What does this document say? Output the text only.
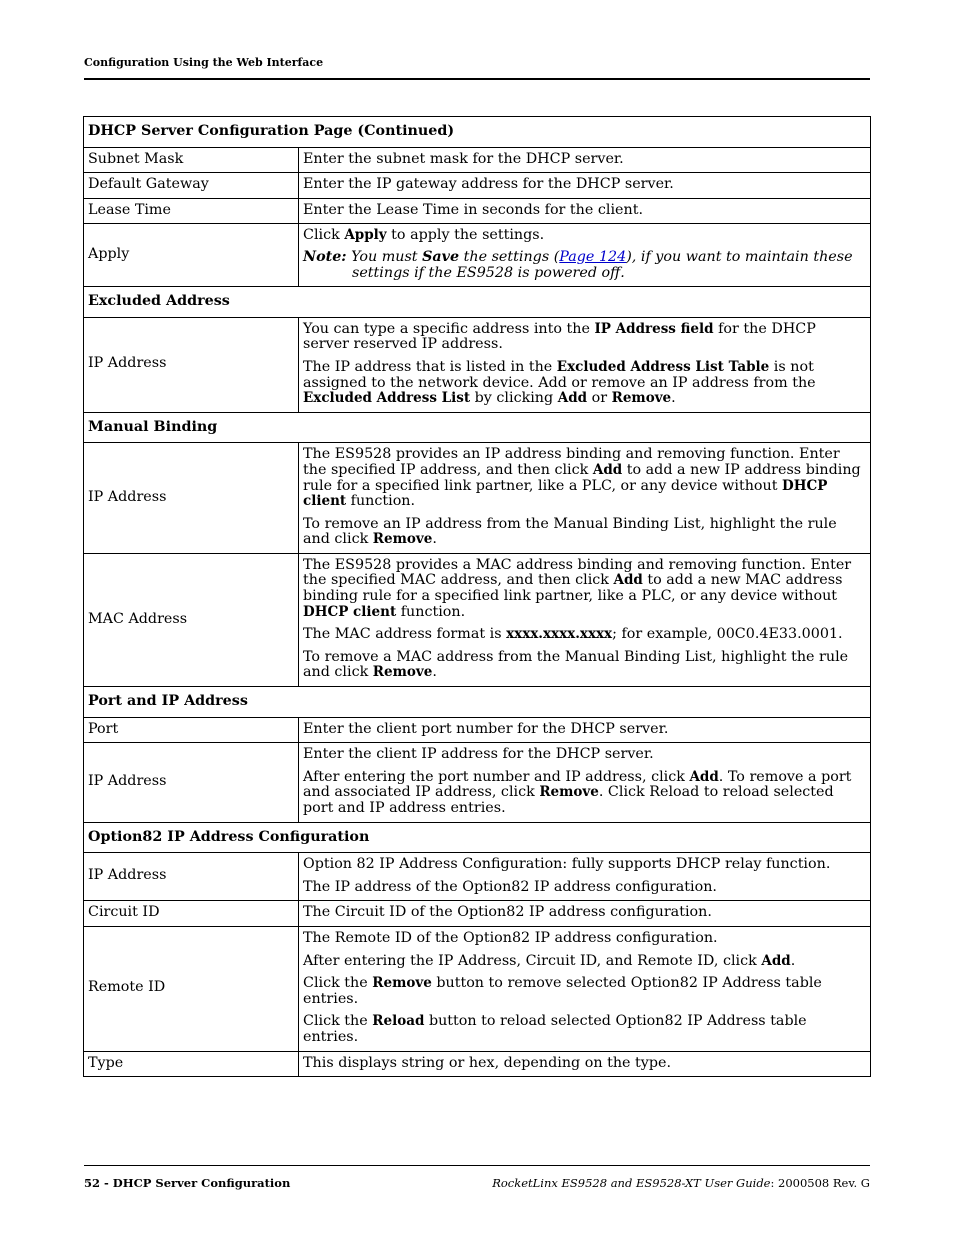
Configuration Using the Web Interface
DHCP Server Configuration Page (Continued)	
Subnet Mask	Enter the subnet mask for the DHCP server.
Default Gateway	Enter the IP gateway address for the DHCP server.
Lease Time	Enter the Lease Time in seconds for the client.
Apply	Click Apply to apply the settings.

Note: You must Save the settings (Page 124), if you want to maintain these settings if the ES9528 is powered off.

Excluded Address	
IP Address	You can type a specific address into the IP Address field for the DHCP server reserved IP address.

The IP address that is listed in the Excluded Address List Table is not assigned to the network device. Add or remove an IP address from the Excluded Address List by clicking Add or Remove.

Manual Binding	
IP Address	The ES9528 provides an IP address binding and removing function. Enter the specified IP address, and then click Add to add a new IP address binding rule for a specified link partner, like a PLC, or any device without DHCP client function.

To remove an IP address from the Manual Binding List, highlight the rule and click Remove.

MAC Address	The ES9528 provides a MAC address binding and removing function. Enter the specified MAC address, and then click Add to add a new MAC address binding rule for a specified link partner, like a PLC, or any device without DHCP client function.

The MAC address format is xxxx.xxxx.xxxx; for example, 00C0.4E33.0001.

To remove a MAC address from the Manual Binding List, highlight the rule and click Remove.

Port and IP Address	
Port	Enter the client port number for the DHCP server.
IP Address	Enter the client IP address for the DHCP server.

After entering the port number and IP address, click Add. To remove a port and associated IP address, click Remove. Click Reload to reload selected port and IP address entries.

Option82 IP Address Configuration	
IP Address	Option 82 IP Address Configuration: fully supports DHCP relay function.

The IP address of the Option82 IP address configuration.

Circuit ID	The Circuit ID of the Option82 IP address configuration.
Remote ID	The Remote ID of the Option82 IP address configuration.

After entering the IP Address, Circuit ID, and Remote ID, click Add.

Click the Remove button to remove selected Option82 IP Address table entries.

Click the Reload button to reload selected Option82 IP Address table entries.

Type	This displays string or hex, depending on the type.
52 - DHCP Server Configuration	RocketLinx ES9528 and ES9528-XT User Guide: 2000508 Rev. G
